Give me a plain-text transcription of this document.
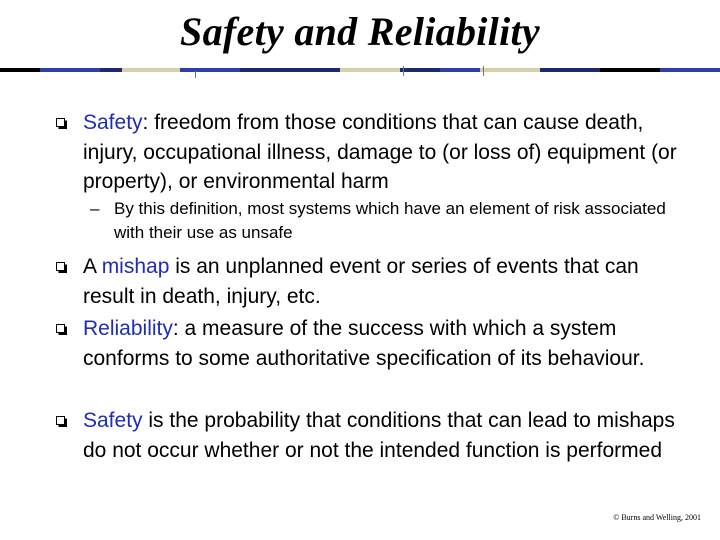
Safety and Reliability
Safety: freedom from those conditions that can cause death, injury, occupational illness, damage to (or loss of) equipment (or property), or environmental harm
– By this definition, most systems which have an element of risk associated with their use as unsafe
A mishap is an unplanned event or series of events that can result in death, injury, etc.
Reliability: a measure of the success with which a system conforms to some authoritative specification of its behaviour.
Safety is the probability that conditions that can lead to mishaps do not occur whether or not the intended function is performed
© Burns and Welling, 2001
